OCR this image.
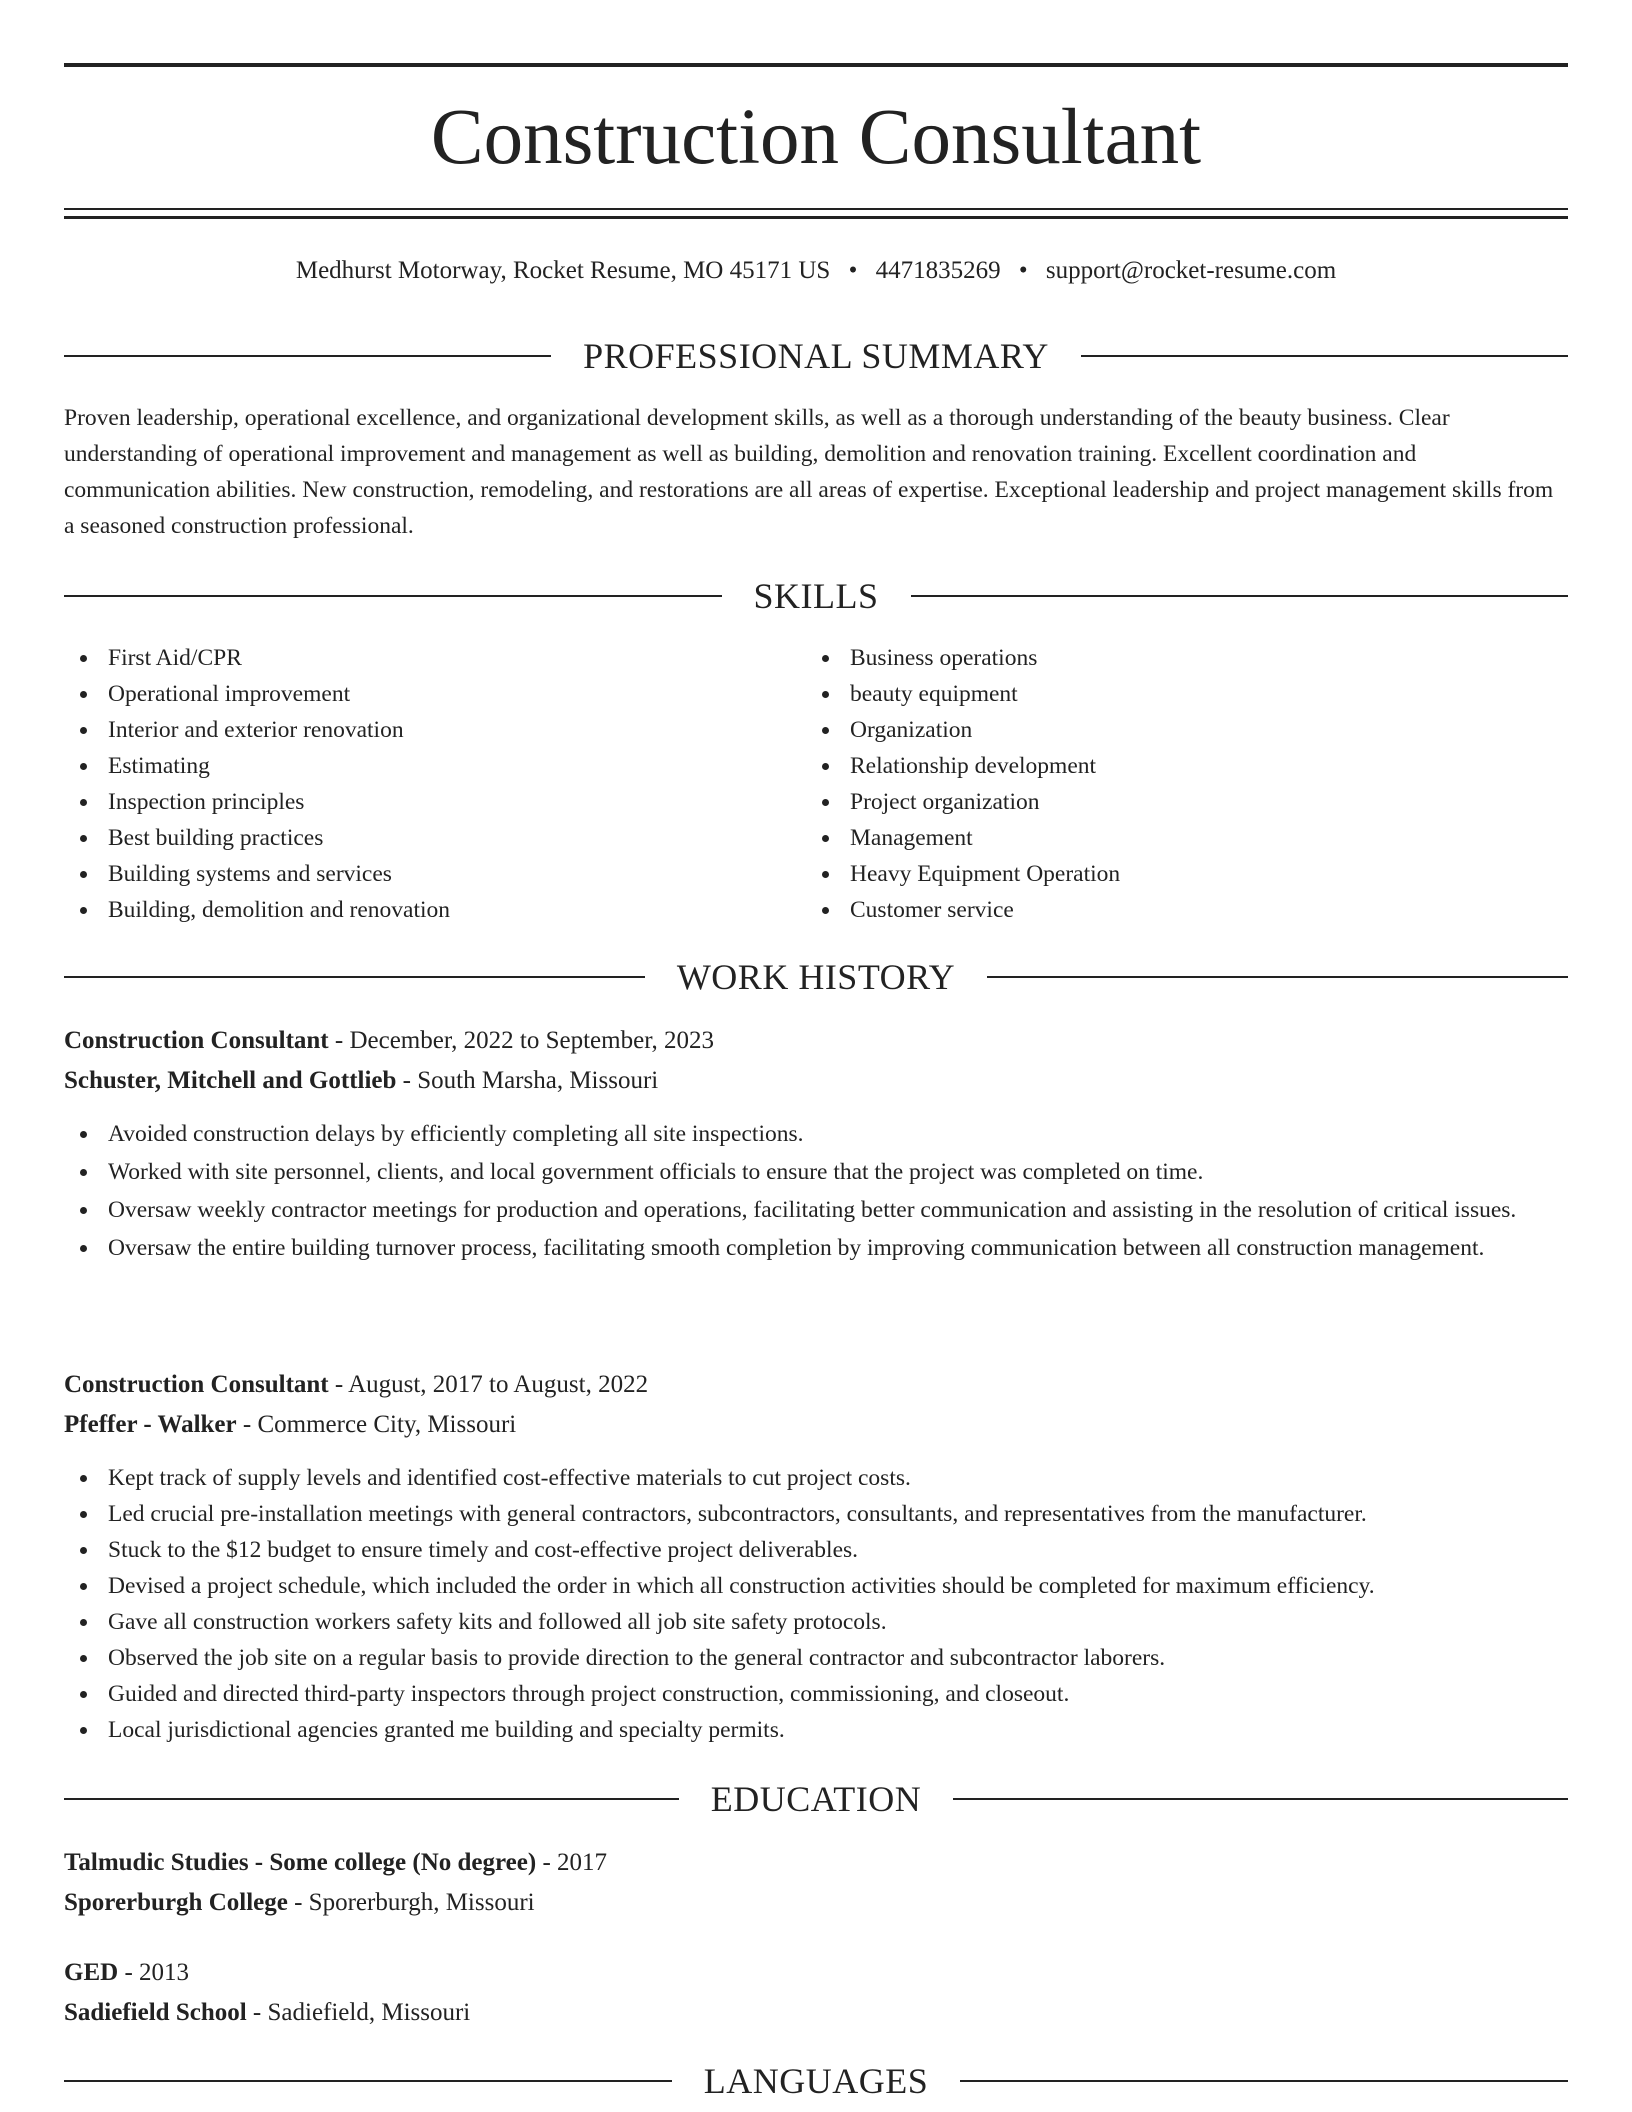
Construction Consultant
Medhurst Motorway, Rocket Resume, MO 45171 US • 4471835269 • support@rocket-resume.com
PROFESSIONAL SUMMARY

Proven leadership, operational excellence, and organizational development skills, as well as a thorough understanding of the beauty business. Clear understanding of operational improvement and management as well as building, demolition and renovation training. Excellent coordination and communication abilities. New construction, remodeling, and restorations are all areas of expertise. Exceptional leadership and project management skills from a seasoned construction professional.

SKILLS
First Aid/CPR
Operational improvement
Interior and exterior renovation
Estimating
Inspection principles
Best building practices
Building systems and services
Building, demolition and renovation
Business operations
beauty equipment
Organization
Relationship development
Project organization
Management
Heavy Equipment Operation
Customer service
WORK HISTORY
Construction Consultant - December, 2022 to September, 2023
Schuster, Mitchell and Gottlieb - South Marsha, Missouri
Avoided construction delays by efficiently completing all site inspections.
Worked with site personnel, clients, and local government officials to ensure that the project was completed on time.
Oversaw weekly contractor meetings for production and operations, facilitating better communication and assisting in the resolution of critical issues.
Oversaw the entire building turnover process, facilitating smooth completion by improving communication between all construction management.
Construction Consultant - August, 2017 to August, 2022
Pfeffer - Walker - Commerce City, Missouri
Kept track of supply levels and identified cost-effective materials to cut project costs.
Led crucial pre-installation meetings with general contractors, subcontractors, consultants, and representatives from the manufacturer.
Stuck to the $12 budget to ensure timely and cost-effective project deliverables.
Devised a project schedule, which included the order in which all construction activities should be completed for maximum efficiency.
Gave all construction workers safety kits and followed all job site safety protocols.
Observed the job site on a regular basis to provide direction to the general contractor and subcontractor laborers.
Guided and directed third-party inspectors through project construction, commissioning, and closeout.
Local jurisdictional agencies granted me building and specialty permits.
EDUCATION
Talmudic Studies - Some college (No degree) - 2017
Sporerburgh College - Sporerburgh, Missouri
GED - 2013
Sadiefield School - Sadiefield, Missouri
LANGUAGES
